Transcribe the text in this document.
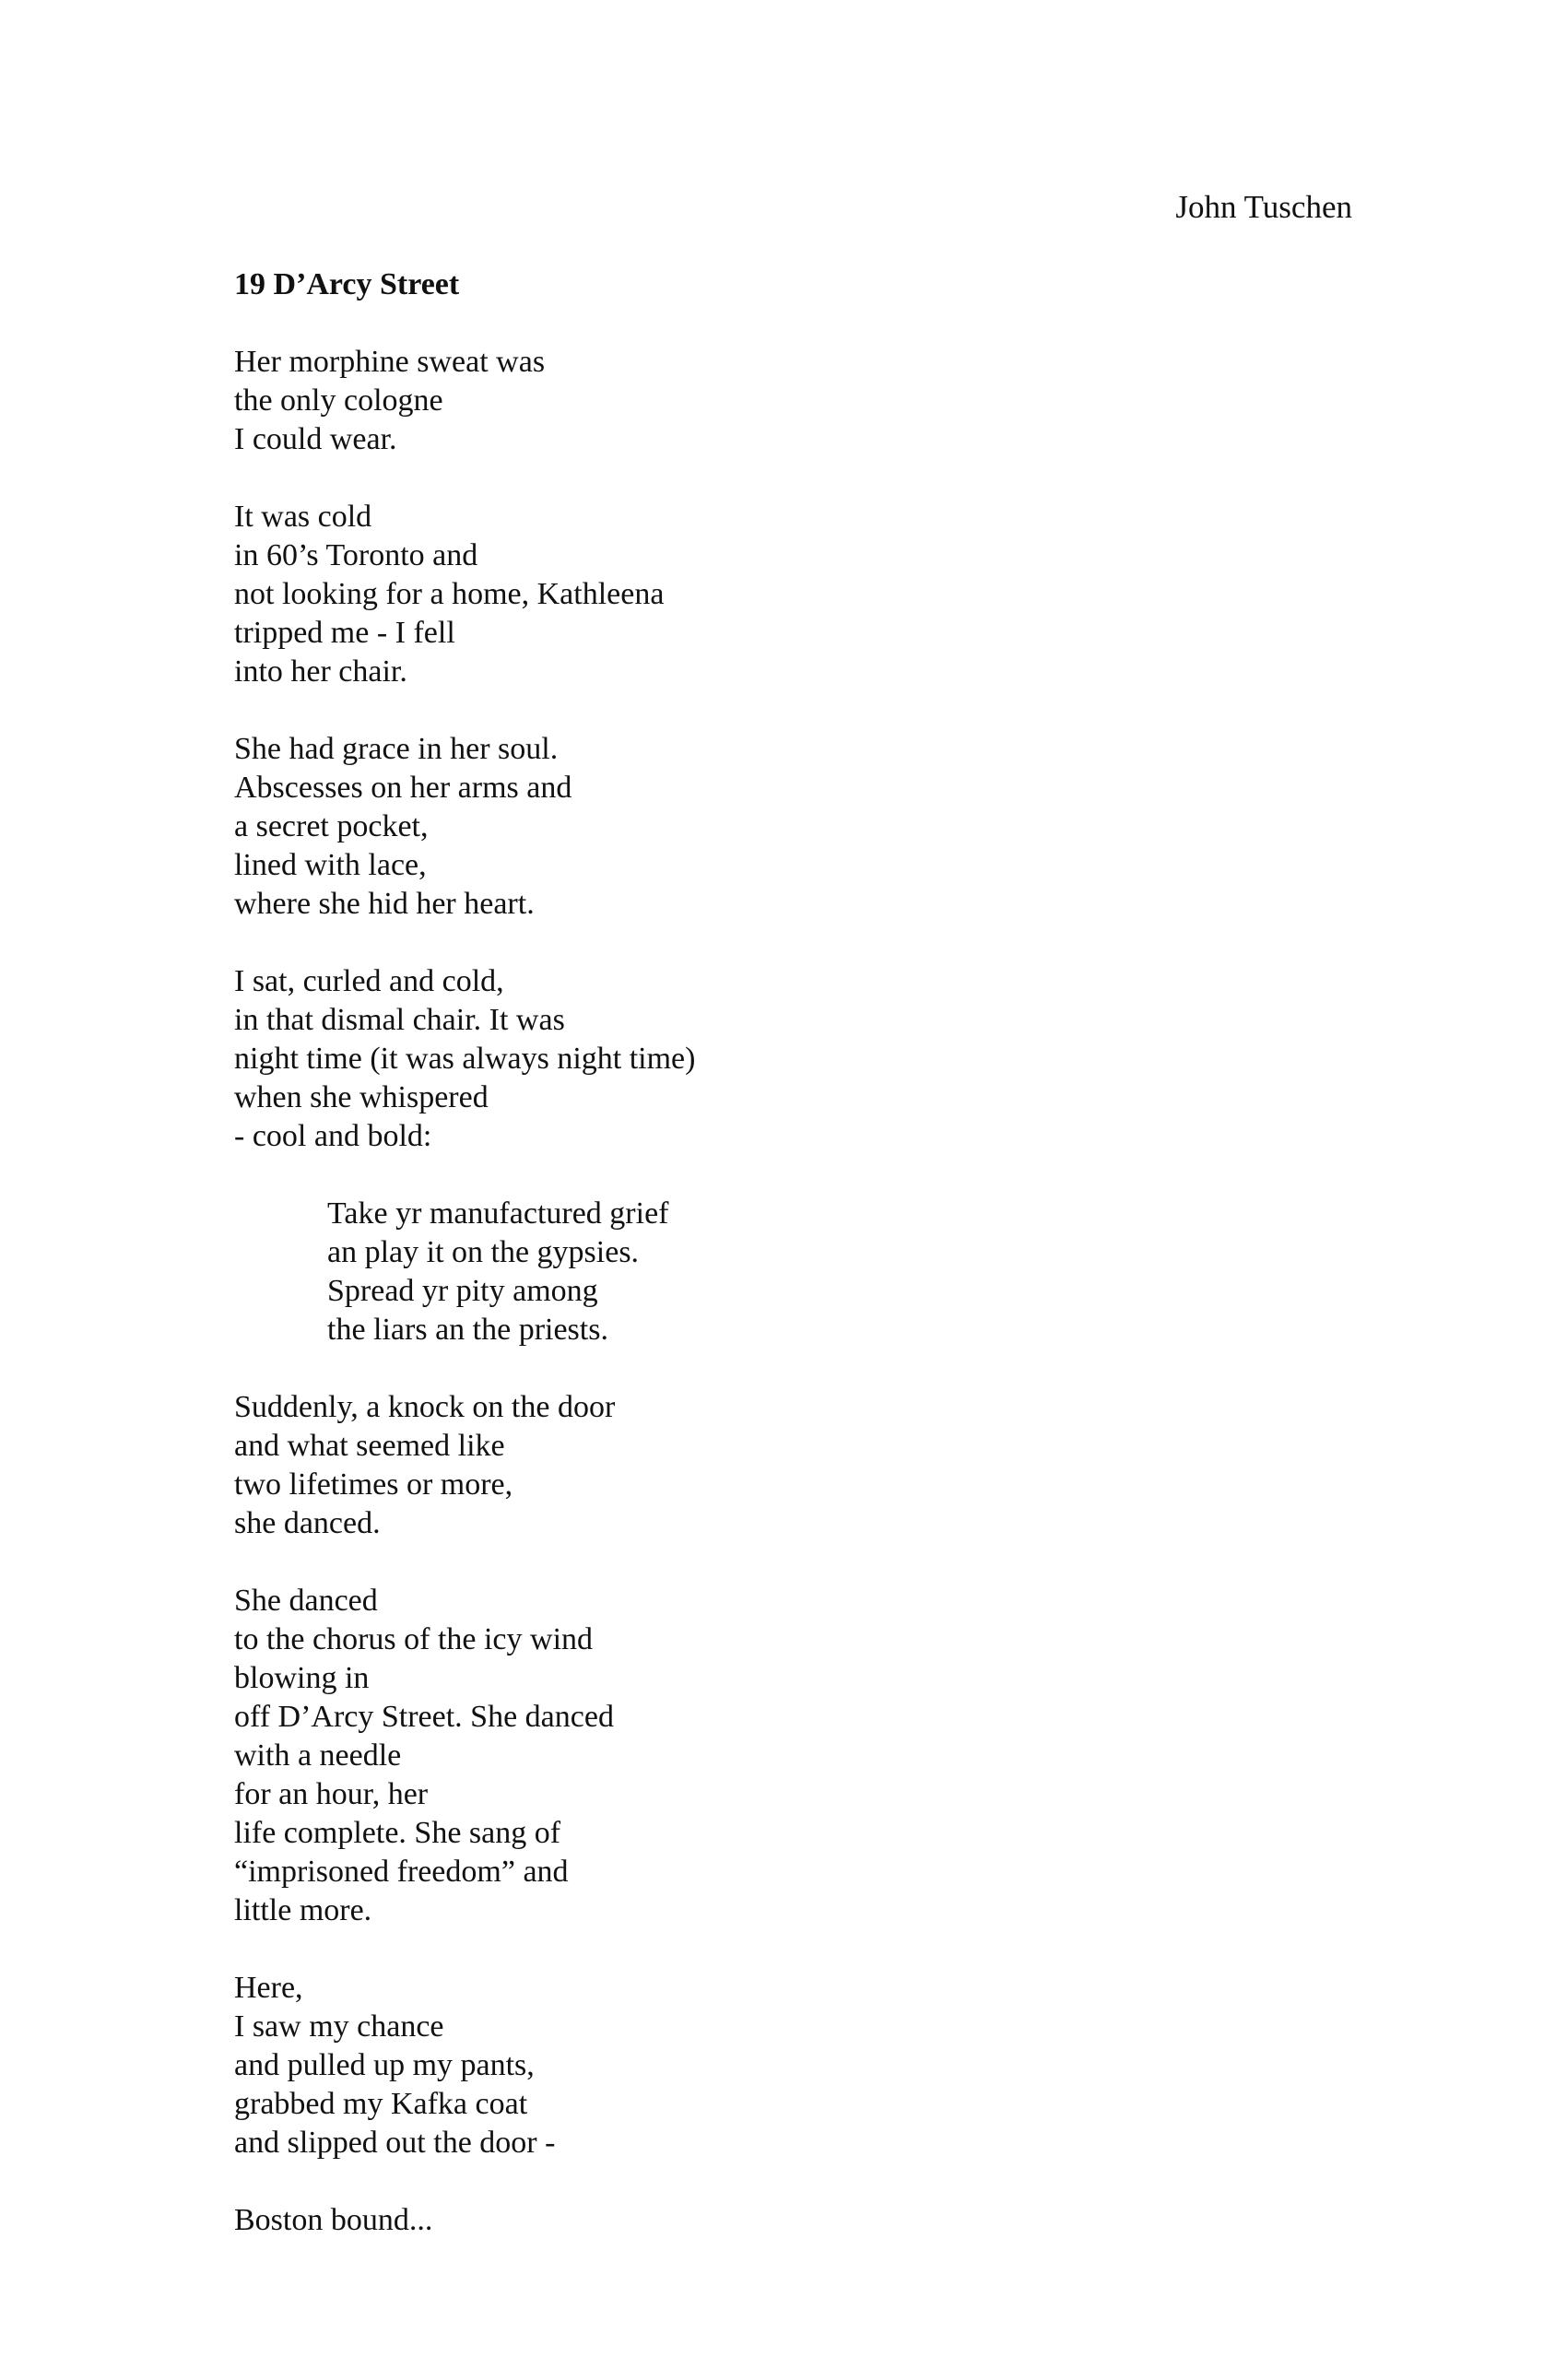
John Tuschen
19 D’Arcy Street
Her morphine sweat was
the only cologne
I could wear.
It was cold
in 60’s Toronto and
not looking for a home, Kathleena
tripped me - I fell
into her chair.
She had grace in her soul.
Abscesses on her arms and
a secret pocket,
lined with lace,
where she hid her heart.
I sat, curled and cold,
in that dismal chair. It was
night time (it was always night time)
when she whispered
- cool and bold:
Take yr manufactured grief
an play it on the gypsies.
Spread yr pity among
the liars an the priests.
Suddenly, a knock on the door
and what seemed like
two lifetimes or more,
she danced.
She danced
to the chorus of the icy wind
blowing in
off D’Arcy Street. She danced
with a needle
for an hour, her
life complete. She sang of
“imprisoned freedom” and
little more.
Here,
I saw my chance
and pulled up my pants,
grabbed my Kafka coat
and slipped out the door -
Boston bound...
